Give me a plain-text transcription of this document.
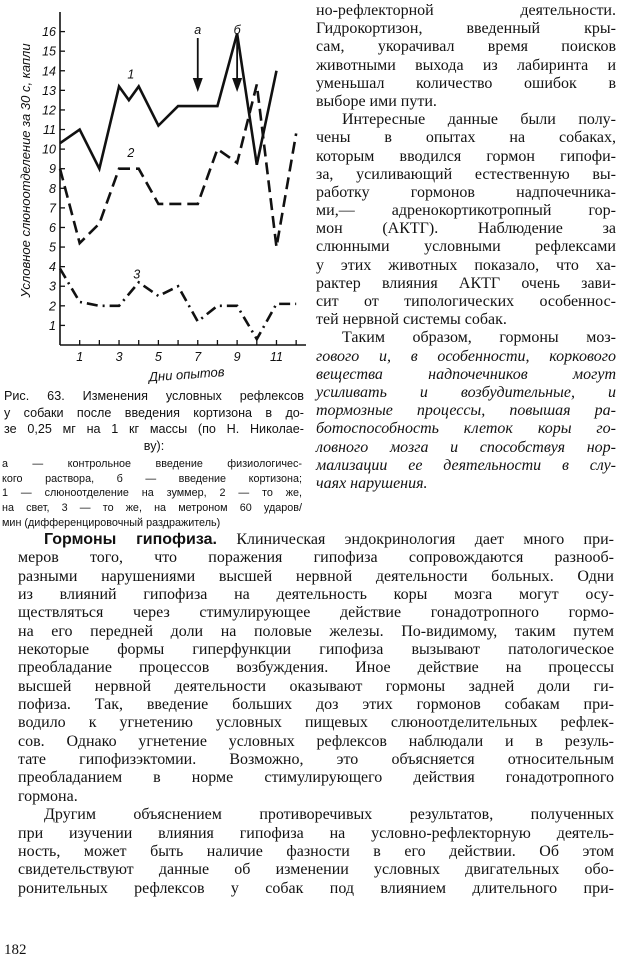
1
2
3
4
5
6
7
8
9
10
11
12
13
14
15
16
1	3	5	7	9 11
Дни опытов
Условное слюноотделение за 30 с, капли	1
2
3
а	б
Рис. 63. Изменения условных рефлексов
у собаки после введения кортизона в до-
зе 0,25 мг на 1 кг массы (по Н. Николае-
ву):
а — контрольное введение физиологичес-
кого раствора, б — введение кортизона;
1 — слюноотделение на зуммер, 2 — то же,
на свет, 3 — то же, на метроном 60 ударов/
мин (дифференцировочный раздражитель)
но-рефлекторной деятельности.
Гидрокортизон, введенный кры-
сам, укорачивал время поисков
животными выхода из лабиринта и
уменьшал количество ошибок в
выборе ими пути.
Интересные данные были полу-
чены в опытах на собаках,
которым вводился гормон гипофи-
за, усиливающий естественную вы-
работку гормонов надпочечника-
ми,— адренокортикотропный гор-
мон (АКТГ). Наблюдение за
слюнными условными рефлексами
у этих животных показало, что ха-
рактер влияния АКТГ очень зави-
сит от типологических особеннос-
тей нервной системы собак.
Таким образом, гормоны моз-
гового и, в особенности, коркового
вещества надпочечников могут
усиливать и возбудительные, и
тормозные процессы, повышая ра-
ботоспособность клеток коры го-
ловного мозга и способствуя нор-
мализации ее деятельности в слу-
чаях нарушения.
Гормоны гипофиза. Клиническая эндокринология дает много при-
меров того, что поражения гипофиза сопровождаются разнооб-
разными нарушениями высшей нервной деятельности больных. Одни
из влияний гипофиза на деятельность коры мозга могут осу-
ществляться через стимулирующее действие гонадотропного гормо-
на его передней доли на половые железы. По-видимому, таким путем
некоторые формы гиперфункции гипофиза вызывают патологическое
преобладание процессов возбуждения. Иное действие на процессы
высшей нервной деятельности оказывают гормоны задней доли ги-
пофиза. Так, введение больших доз этих гормонов собакам при-
водило к угнетению условных пищевых слюноотделительных рефлек-
сов. Однако угнетение условных рефлексов наблюдали и в резуль-
тате гипофизэктомии. Возможно, это объясняется относительным
преобладанием в норме стимулирующего действия гонадотропного
гормона.
Другим объяснением противоречивых результатов, полученных
при изучении влияния гипофиза на условно-рефлекторную деятель-
ность, может быть наличие фазности в его действии. Об этом
свидетельствуют данные об изменении условных двигательных обо-
ронительных рефлексов у собак под влиянием длительного при-
182
